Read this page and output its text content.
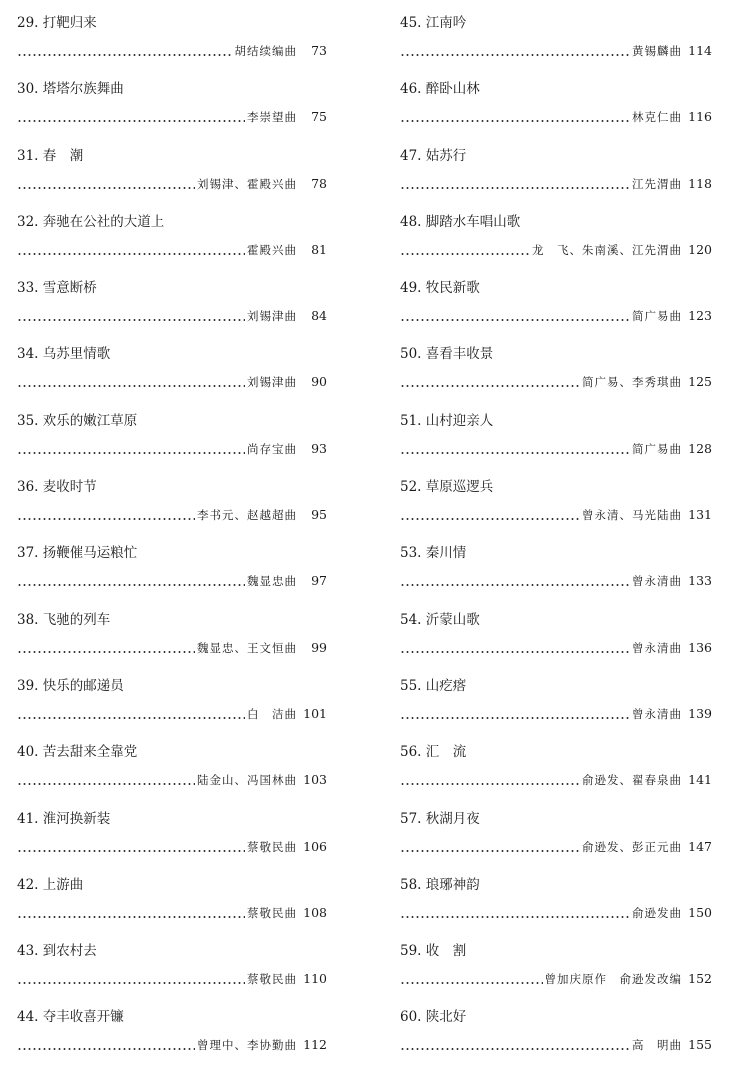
29. 打靶归来
胡结续编曲	73
30. 塔塔尔族舞曲
李崇望曲	75
31. 春　潮
刘锡津、霍殿兴曲	78
32. 奔驰在公社的大道上
霍殿兴曲	81
33. 雪意断桥
刘锡津曲	84
34. 乌苏里情歌
刘锡津曲	90
35. 欢乐的嫩江草原
尚存宝曲	93
36. 麦收时节
李书元、赵越超曲	95
37. 扬鞭催马运粮忙
魏显忠曲	97
38. 飞驰的列车
魏显忠、王文恒曲	99
39. 快乐的邮递员
白　洁曲 101
40. 苦去甜来全靠党
陆金山、冯国林曲 103
41. 淮河换新装
蔡敬民曲 106
42. 上游曲
蔡敬民曲 108
43. 到农村去
蔡敬民曲 110
44. 夺丰收喜开镰
曾理中、李协勤曲 112
45. 江南吟
黄锡麟曲 114
46. 醉卧山林
林克仁曲 116
47. 姑苏行
江先渭曲 118
48. 脚踏水车唱山歌
龙　飞、朱南溪、江先渭曲 120
49. 牧民新歌
简广易曲 123
50. 喜看丰收景
简广易、李秀琪曲 125
51. 山村迎亲人
简广易曲 128
52. 草原巡逻兵
曾永清、马光陆曲 131
53. 秦川情
曾永清曲 133
54. 沂蒙山歌
曾永清曲 136
55. 山疙瘩
曾永清曲 139
56. 汇　流
俞逊发、翟春泉曲 141
57. 秋湖月夜
俞逊发、彭正元曲 147
58. 琅琊神韵
俞逊发曲 150
59. 收　割
曾加庆原作　俞逊发改编 152
60. 陕北好
高　明曲 155
